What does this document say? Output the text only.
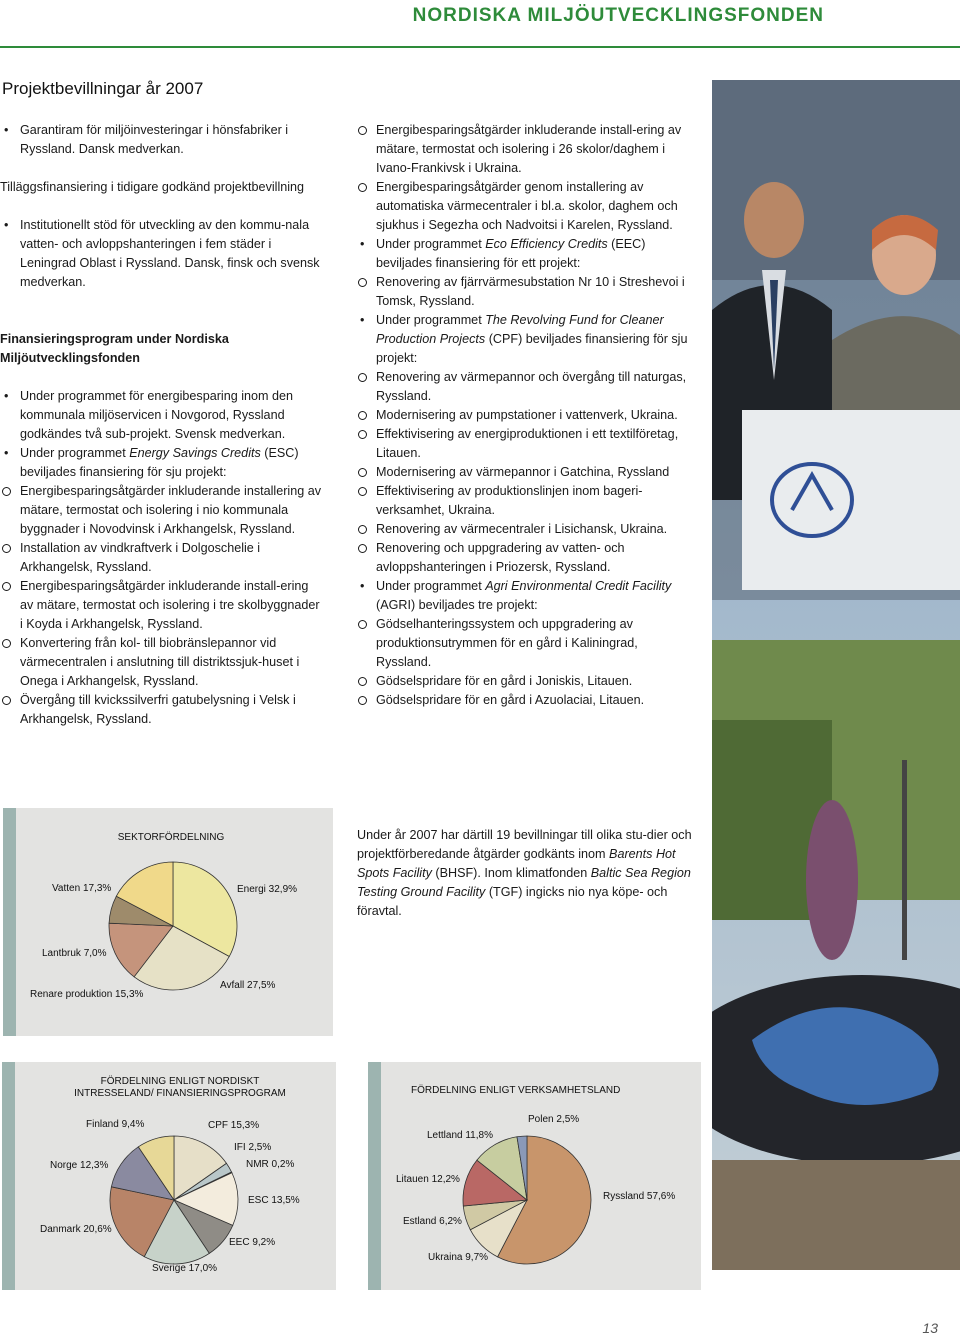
NORDISKA MILJÖUTVECKLINGSFONDEN
Projektbevillningar år 2007

• Garantiram för miljöinvesteringar i hönsfabriker i Ryssland. Dansk medverkan.

Tilläggsfinansiering i tidigare godkänd projektbevillning

• Institutionellt stöd för utveckling av den kommu-nala vatten- och avloppshanteringen i fem städer i Leningrad Oblast i Ryssland. Dansk, finsk och svensk medverkan.

Finansieringsprogram under Nordiska Miljöutvecklingsfonden

• Under programmet för energibesparing inom den kommunala miljöservicen i Novgorod, Ryssland godkändes två sub-projekt. Svensk medverkan.

• Under programmet Energy Savings Credits (ESC) beviljades finansiering för sju projekt:

Energibesparingsåtgärder inkluderande installering av mätare, termostat och isolering i nio kommunala byggnader i Novodvinsk i Arkhangelsk, Ryssland.

Installation av vindkraftverk i Dolgoschelie i Arkhangelsk, Ryssland.

Energibesparingsåtgärder inkluderande install-ering av mätare, termostat och isolering i tre skolbyggnader i Koyda i Arkhangelsk, Ryssland.

Konvertering från kol- till biobränslepannor vid värmecentralen i anslutning till distriktssjuk-huset i Onega i Arkhangelsk, Ryssland.

Övergång till kvickssilverfri gatubelysning i Velsk i Arkhangelsk, Ryssland.

Energibesparingsåtgärder inkluderande install-ering av mätare, termostat och isolering i 26 skolor/daghem i Ivano-Frankivsk i Ukraina.

Energibesparingsåtgärder genom installering av automatiska värmecentraler i bl.a. skolor, daghem och sjukhus i Segezha och Nadvoitsi i Karelen, Ryssland.

• Under programmet Eco Efficiency Credits (EEC) beviljades finansiering för ett projekt:

Renovering av fjärrvärmesubstation Nr 10 i Streshevoi i Tomsk, Ryssland.

• Under programmet The Revolving Fund for Cleaner Production Projects (CPF) beviljades finansiering för sju projekt:

Renovering av värmepannor och övergång till naturgas, Ryssland.

Modernisering av pumpstationer i vattenverk, Ukraina.

Effektivisering av energiproduktionen i ett textilföretag, Litauen.

Modernisering av värmepannor i Gatchina, Ryssland

Effektivisering av produktionslinjen inom bageri-verksamhet, Ukraina.

Renovering av värmecentraler i Lisichansk, Ukraina.

Renovering och uppgradering av vatten- och avloppshanteringen i Priozersk, Ryssland.

• Under programmet Agri Environmental Credit Facility (AGRI) beviljades tre projekt:

Gödselhanteringssystem och uppgradering av produktionsutrymmen för en gård i Kaliningrad, Ryssland.

Gödselspridare för en gård i Joniskis, Litauen.

Gödselspridare för en gård i Azuolaciai, Litauen.

SEKTORFÖRDELNING
Vatten 17,3%	Energi 32,9%
Lantbruk 7,0%
Avfall 27,5%
Renare produktion 15,3%
Under år 2007 har därtill 19 bevillningar till olika stu-dier och projektförberedande åtgärder godkänts inom Barents Hot Spots Facility (BHSF). Inom klimatfonden Baltic Sea Region Testing Ground Facility (TGF) ingicks nio nya köpe- och föravtal.
FÖRDELNING ENLIGT NORDISKT INTRESSELAND/ FINANSIERINGSPROGRAM
Finland 9,4%	CPF 15,3%
IFI 2,5%
NMR 0,2%
Norge 12,3%
ESC 13,5%
Danmark 20,6%
EEC 9,2%
Sverige 17,0%
FÖRDELNING ENLIGT VERKSAMHETSLAND
Polen 2,5%
Lettland 11,8%
Litauen 12,2%
Ryssland 57,6%
Estland 6,2%
Ukraina 9,7%
13
